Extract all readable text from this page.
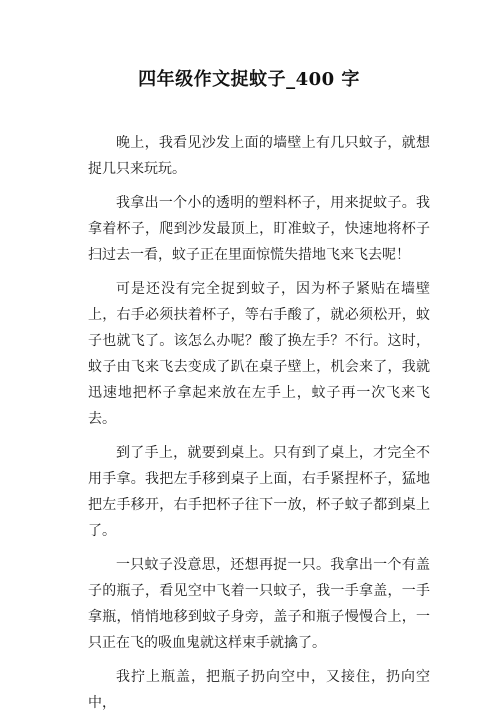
四年级作文捉蚊子_400 字

晚上，我看见沙发上面的墙壁上有几只蚊子，就想捉几只来玩玩。

我拿出一个小的透明的塑料杯子，用来捉蚊子。我拿着杯子，爬到沙发最顶上，盯准蚊子，快速地将杯子扫过去一看，蚊子正在里面惊慌失措地飞来飞去呢！

可是还没有完全捉到蚊子，因为杯子紧贴在墙壁上，右手必须扶着杯子，等右手酸了，就必须松开，蚊子也就飞了。该怎么办呢？酸了换左手？不行。这时，蚊子由飞来飞去变成了趴在桌子壁上，机会来了，我就迅速地把杯子拿起来放在左手上，蚊子再一次飞来飞去。

到了手上，就要到桌上。只有到了桌上，才完全不用手拿。我把左手移到桌子上面，右手紧捏杯子，猛地把左手移开，右手把杯子往下一放，杯子蚊子都到桌上了。

一只蚊子没意思，还想再捉一只。我拿出一个有盖子的瓶子，看见空中飞着一只蚊子，我一手拿盖，一手拿瓶，悄悄地移到蚊子身旁，盖子和瓶子慢慢合上，一只正在飞的吸血鬼就这样束手就擒了。

我拧上瓶盖，把瓶子扔向空中，又接住，扔向空中，
